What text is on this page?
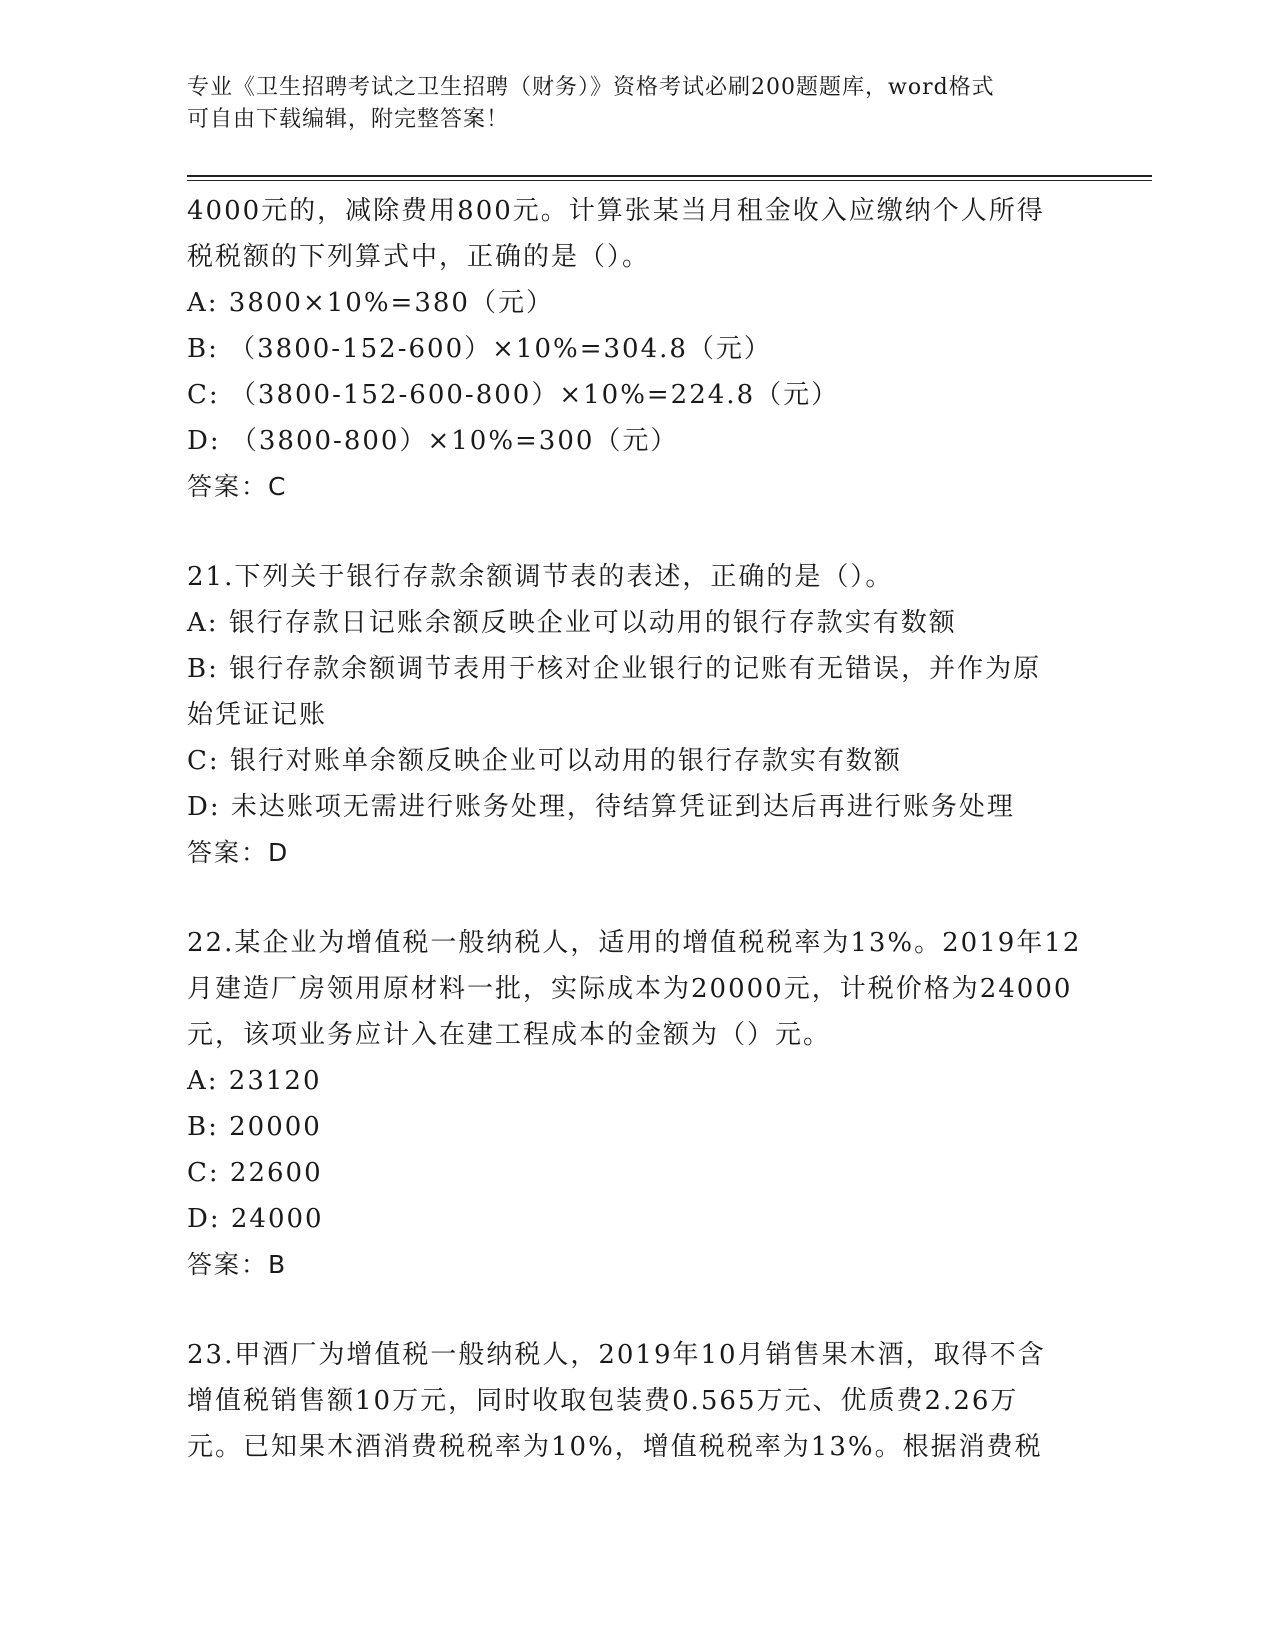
专业《卫生招聘考试之卫生招聘（财务）》资格考试必刷200题题库，word格式

可自由下载编辑，附完整答案！

4000元的，减除费用800元。计算张某当月租金收入应缴纳个人所得
税税额的下列算式中，正确的是（）。
A: 3800×10%=380（元）
B: （3800-152-600）×10%=304.8（元）
C: （3800-152-600-800）×10%=224.8（元）
D: （3800-800）×10%=300（元）
答案：C
21.下列关于银行存款余额调节表的表述，正确的是（）。
A: 银行存款日记账余额反映企业可以动用的银行存款实有数额
B: 银行存款余额调节表用于核对企业银行的记账有无错误，并作为原
始凭证记账
C: 银行对账单余额反映企业可以动用的银行存款实有数额
D: 未达账项无需进行账务处理，待结算凭证到达后再进行账务处理
答案：D
22.某企业为增值税一般纳税人，适用的增值税税率为13%。2019年12
月建造厂房领用原材料一批，实际成本为20000元，计税价格为24000
元，该项业务应计入在建工程成本的金额为（）元。
A: 23120
B: 20000
C: 22600
D: 24000
答案：B
23.甲酒厂为增值税一般纳税人，2019年10月销售果木酒，取得不含
增值税销售额10万元，同时收取包装费0.565万元、优质费2.26万
元。已知果木酒消费税税率为10%，增值税税率为13%。根据消费税
